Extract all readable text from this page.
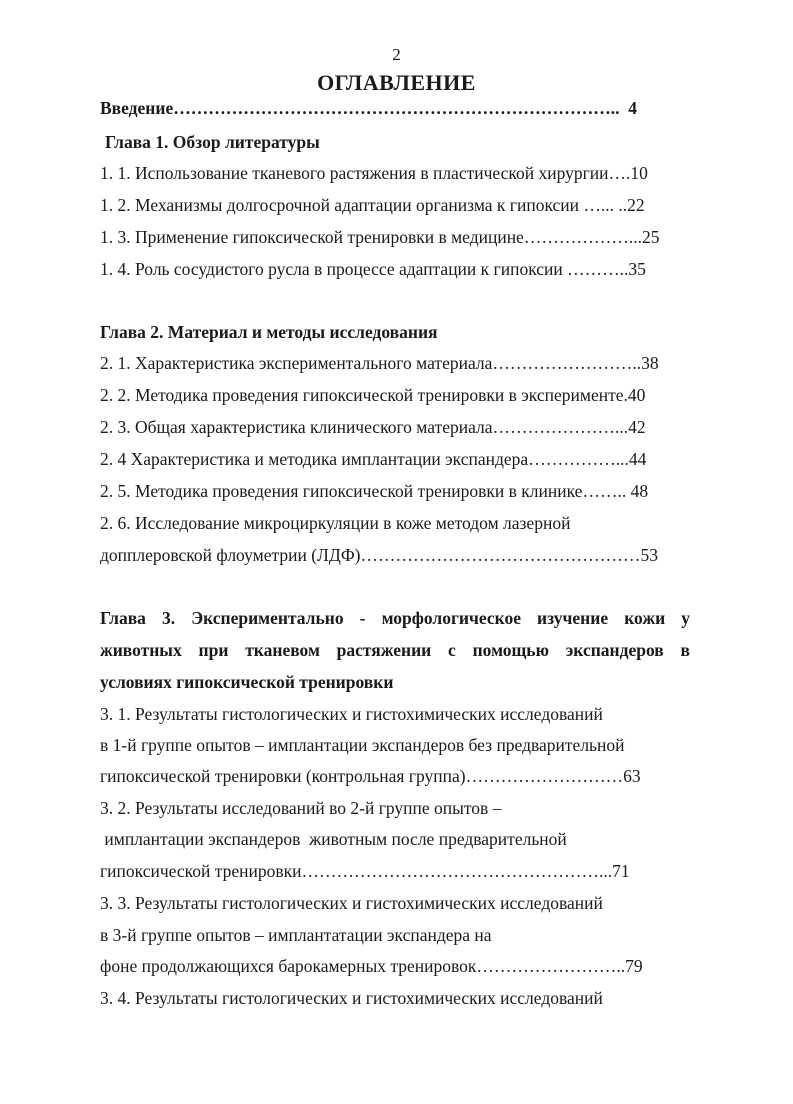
2
ОГЛАВЛЕНИЕ
Введение…………………………………………………………………..  4
Глава 1. Обзор литературы
1. 1. Использование тканевого растяжения в пластической хирургии….10
1. 2. Механизмы долгосрочной адаптации организма к гипоксии …... ..22
1. 3. Применение гипоксической тренировки в медицине………………...25
1. 4. Роль сосудистого русла в процессе адаптации к гипоксии ………..35
Глава 2. Материал и методы исследования
2. 1. Характеристика экспериментального материала……………………..38
2. 2. Методика проведения гипоксической тренировки в эксперименте.40
2. 3. Общая характеристика клинического материала…………………...42
2. 4 Характеристика и методика имплантации экспандера……………...44
2. 5. Методика проведения гипоксической тренировки в клинике…….. 48
2. 6. Исследование микроциркуляции в коже методом лазерной
допплеровской флоуметрии (ЛДФ)…………………………………………53
Глава 3. Экспериментально - морфологическое изучение кожи у
животных при тканевом растяжении с помощью экспандеров в
условиях гипоксической тренировки
3. 1. Результаты гистологических и гистохимических исследований
в 1-й группе опытов – имплантации экспандеров без предварительной
гипоксической тренировки (контрольная группа)………………………63
3. 2. Результаты исследований во 2-й группе опытов –
имплантации экспандеров  животным после предварительной
гипоксической тренировки……………………………………………...71
3. 3. Результаты гистологических и гистохимических исследований
в 3-й группе опытов – имплантатации экспандера на
фоне продолжающихся барокамерных тренировок……………………..79
3. 4. Результаты гистологических и гистохимических исследований
